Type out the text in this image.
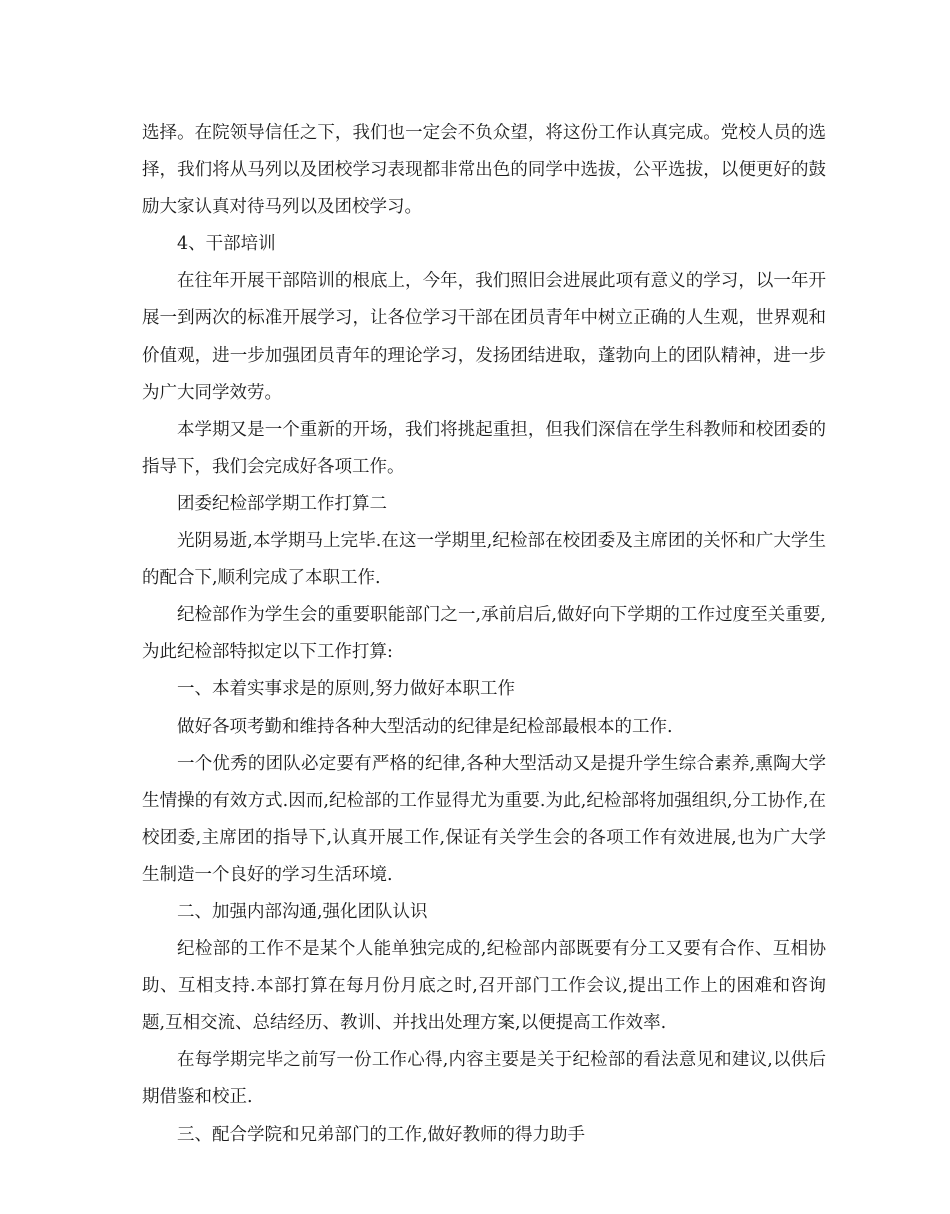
选择。在院领导信任之下，我们也一定会不负众望，将这份工作认真完成。党校人员的选择，我们将从马列以及团校学习表现都非常出色的同学中选拔，公平选拔，以便更好的鼓励大家认真对待马列以及团校学习。

4、干部培训

在往年开展干部陪训的根底上，今年，我们照旧会进展此项有意义的学习，以一年开展一到两次的标准开展学习，让各位学习干部在团员青年中树立正确的人生观，世界观和价值观，进一步加强团员青年的理论学习，发扬团结进取，蓬勃向上的团队精神，进一步为广大同学效劳。

本学期又是一个重新的开场，我们将挑起重担，但我们深信在学生科教师和校团委的指导下，我们会完成好各项工作。

团委纪检部学期工作打算二

光阴易逝,本学期马上完毕.在这一学期里,纪检部在校团委及主席团的关怀和广大学生的配合下,顺利完成了本职工作.

纪检部作为学生会的重要职能部门之一,承前启后,做好向下学期的工作过度至关重要,为此纪检部特拟定以下工作打算:

一、本着实事求是的原则,努力做好本职工作

做好各项考勤和维持各种大型活动的纪律是纪检部最根本的工作.

一个优秀的团队必定要有严格的纪律,各种大型活动又是提升学生综合素养,熏陶大学生情操的有效方式.因而,纪检部的工作显得尤为重要.为此,纪检部将加强组织,分工协作,在校团委,主席团的指导下,认真开展工作,保证有关学生会的各项工作有效进展,也为广大学生制造一个良好的学习生活环境.

二、加强内部沟通,强化团队认识

纪检部的工作不是某个人能单独完成的,纪检部内部既要有分工又要有合作、互相协助、互相支持.本部打算在每月份月底之时,召开部门工作会议,提出工作上的困难和咨询题,互相交流、总结经历、教训、并找出处理方案,以便提高工作效率.

在每学期完毕之前写一份工作心得,内容主要是关于纪检部的看法意见和建议,以供后期借鉴和校正.

三、配合学院和兄弟部门的工作,做好教师的得力助手
